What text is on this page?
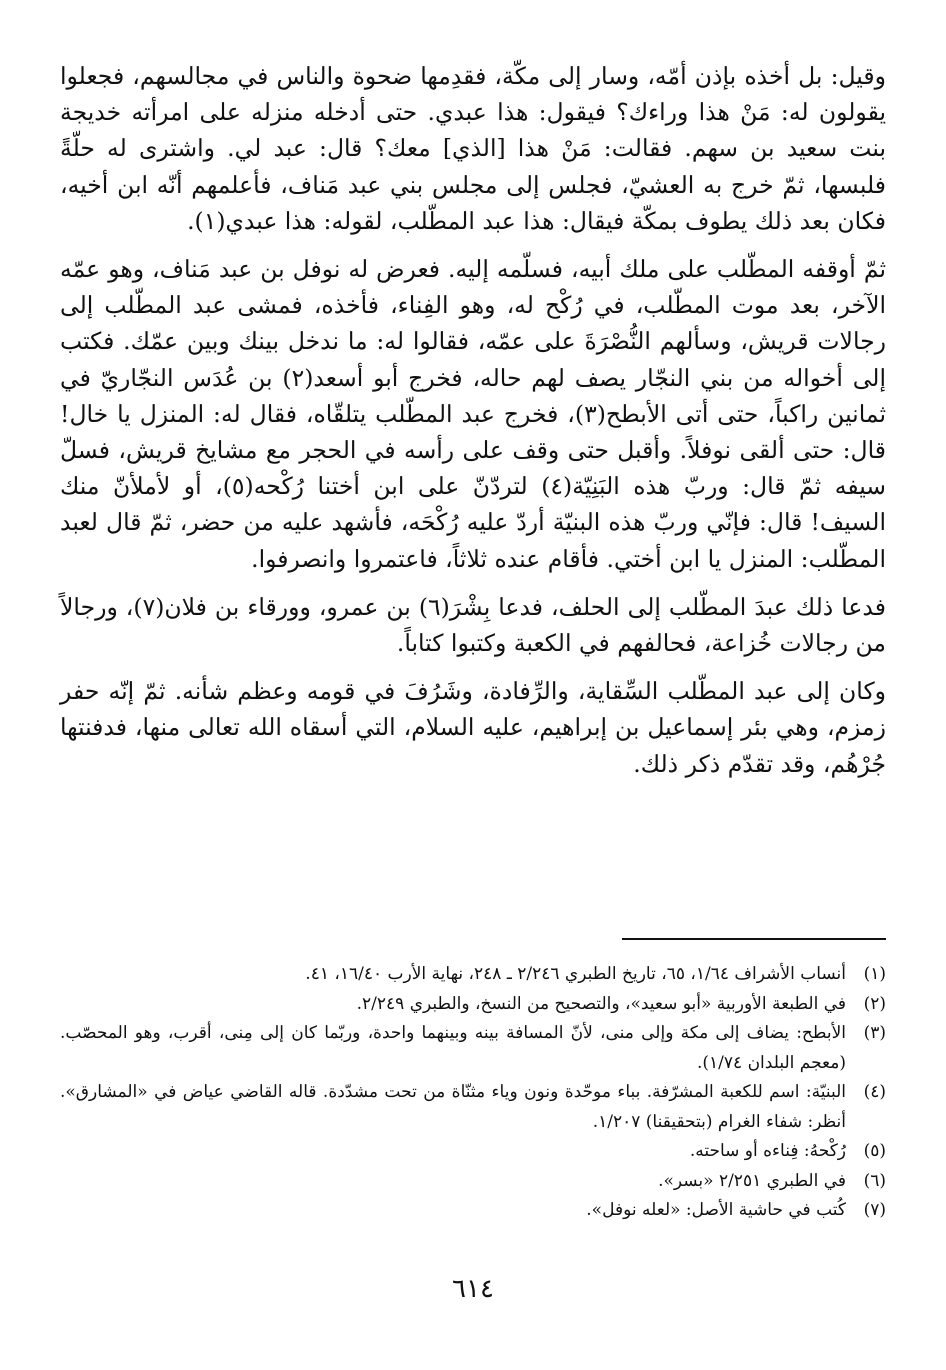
وقيل: بل أخذه بإذن أمّه، وسار إلى مكّة، فقدِمها ضحوة والناس في مجالسهم، فجعلوا يقولون له: مَنْ هذا وراءك؟ فيقول: هذا عبدي. حتى أدخله منزله على امرأته خديجة بنت سعيد بن سهم. فقالت: مَنْ هذا [الذي] معك؟ قال: عبد لي. واشترى له حلّةً فلبسها، ثمّ خرج به العشيّ، فجلس إلى مجلس بني عبد مَناف، فأعلمهم أنّه ابن أخيه، فكان بعد ذلك يطوف بمكّة فيقال: هذا عبد المطّلب، لقوله: هذا عبدي(١).

ثمّ أوقفه المطّلب على ملك أبيه، فسلّمه إليه. فعرض له نوفل بن عبد مَناف، وهو عمّه الآخر، بعد موت المطّلب، في رُكْح له، وهو الفِناء، فأخذه، فمشى عبد المطّلب إلى رجالات قريش، وسألهم النُّصْرَةَ على عمّه، فقالوا له: ما ندخل بينك وبين عمّك. فكتب إلى أخواله من بني النجّار يصف لهم حاله، فخرج أبو أسعد(٢) بن عُدَس النجّاريّ في ثمانين راكباً، حتى أتى الأبطح(٣)، فخرج عبد المطّلب يتلقّاه، فقال له: المنزل يا خال! قال: حتى ألقى نوفلاً. وأقبل حتى وقف على رأسه في الحجر مع مشايخ قريش، فسلّ سيفه ثمّ قال: وربّ هذه البَنِيّة(٤) لتردّنّ على ابن أختنا رُكْحه(٥)، أو لأملأنّ منك السيف! قال: فإنّي وربّ هذه البنيّة أردّ عليه رُكْحَه، فأشهد عليه من حضر، ثمّ قال لعبد المطّلب: المنزل يا ابن أختي. فأقام عنده ثلاثاً، فاعتمروا وانصرفوا.

فدعا ذلك عبدَ المطّلب إلى الحلف، فدعا بِشْرَ(٦) بن عمرو، وورقاء بن فلان(٧)، ورجالاً من رجالات خُزاعة، فحالفهم في الكعبة وكتبوا كتاباً.

وكان إلى عبد المطّلب السِّقاية، والرِّفادة، وشَرُفَ في قومه وعظم شأنه. ثمّ إنّه حفر زمزم، وهي بئر إسماعيل بن إبراهيم، عليه السلام، التي أسقاه الله تعالى منها، فدفنتها جُرْهُم، وقد تقدّم ذكر ذلك.

(١)
أنساب الأشراف ١/٦٤، ٦٥، تاريخ الطبري ٢/٢٤٦ ـ ٢٤٨، نهاية الأرب ١٦/٤٠، ٤١.
(٢)
في الطبعة الأوربية «أبو سعيد»، والتصحيح من النسخ، والطبري ٢/٢٤٩.
(٣)
الأبطح: يضاف إلى مكة وإلى منى، لأنّ المسافة بينه وبينهما واحدة، وربّما كان إلى مِنى، أقرب، وهو المحصّب. (معجم البلدان ١/٧٤).
(٤)
البنيّة: اسم للكعبة المشرّفة. بباء موحّدة ونون وياء مثنّاة من تحت مشدّدة. قاله القاضي عياض في «المشارق». أنظر: شفاء الغرام (بتحقيقنا) ١/٢٠٧.
(٥)
رُكْحهُ: فِناءه أو ساحته.
(٦)
في الطبري ٢/٢٥١ «بسر».
(٧)
كُتب في حاشية الأصل: «لعله نوفل».
٦١٤
